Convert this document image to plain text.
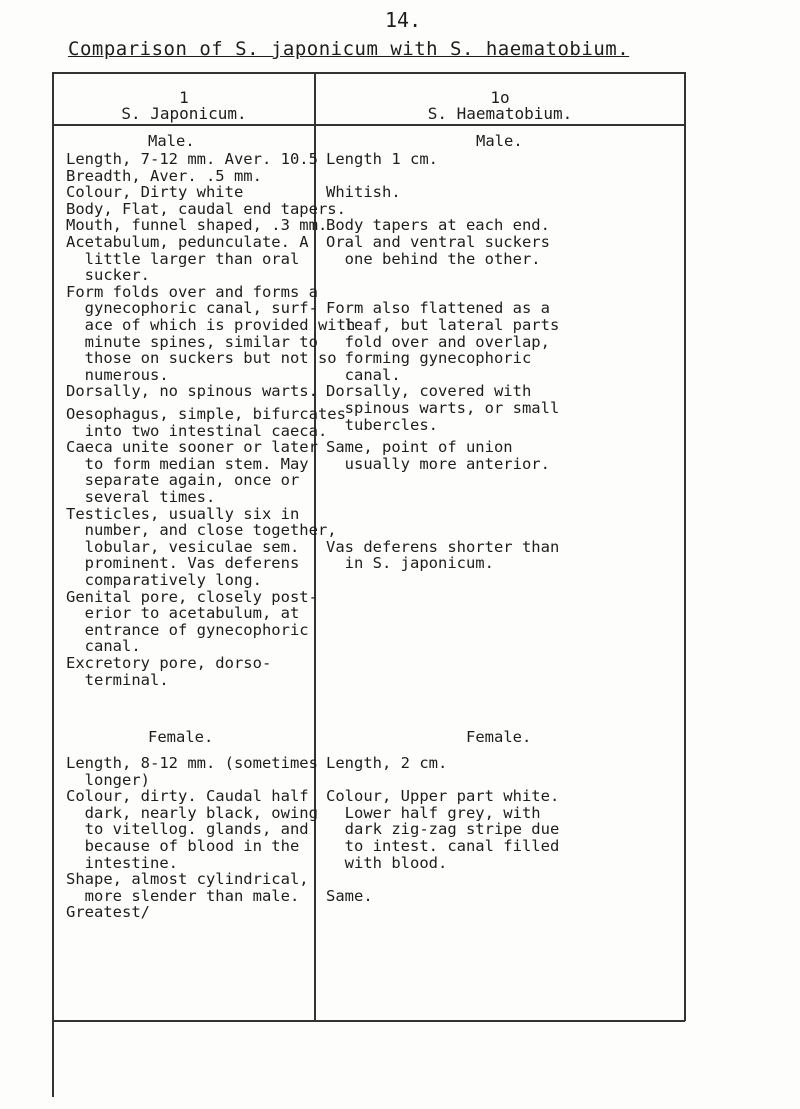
14.
Comparison of S. japonicum with S. haematobium.
1
S. Japonicum.
1o
S. Haematobium.
Male.	Male.
Length, 7-12 mm. Aver. 10.5
Breadth, Aver. .5 mm.
Colour, Dirty white
Body, Flat, caudal end tapers.
Mouth, funnel shaped, .3 mm.
Acetabulum, pedunculate. A
little larger than oral
sucker.
Form folds over and forms a
gynecophoric canal, surf-
ace of which is provided with
minute spines, similar to
those on suckers but not so
numerous.
Dorsally, no spinous warts.
Length 1 cm.

Whitish.

Body tapers at each end.
Oral and ventral suckers
one behind the other.

Form also flattened as a
leaf, but lateral parts
fold over and overlap,
forming gynecophoric
canal.
Dorsally, covered with
spinous warts, or small
tubercles.
Oesophagus, simple, bifurcates
into two intestinal caeca.
Caeca unite sooner or later
to form median stem. May
separate again, once or
several times.
Testicles, usually six in
number, and close together,
lobular, vesiculae sem.
prominent. Vas deferens
comparatively long.
Genital pore, closely post-
erior to acetabulum, at
entrance of gynecophoric
canal.
Excretory pore, dorso-
terminal.

Same, point of union
usually more anterior.

Vas deferens shorter than
in S. japonicum.
Female.	Female.
Length, 8-12 mm. (sometimes
longer)
Colour, dirty. Caudal half
dark, nearly black, owing
to vitellog. glands, and
because of blood in the
intestine.
Shape, almost cylindrical,
more slender than male.
Greatest/
Length, 2 cm.

Colour, Upper part white.
Lower half grey, with
dark zig-zag stripe due
to intest. canal filled
with blood.

Same.
